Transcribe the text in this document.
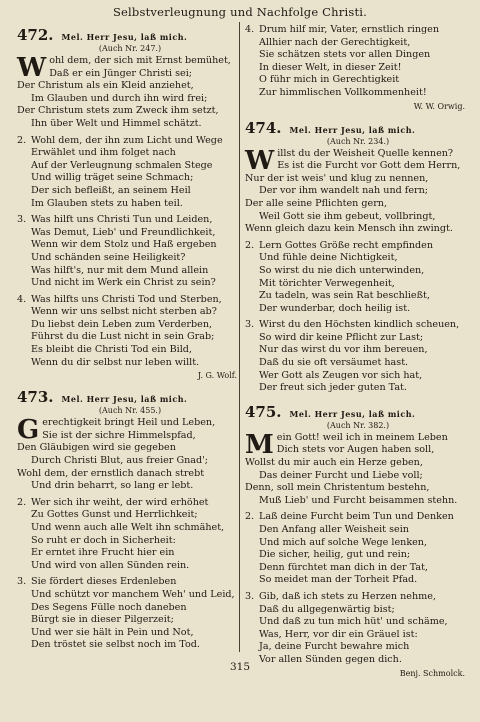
Selbstverleugnung und Nachfolge Christi.
472. Mel. Herr Jesu, laß mich.
(Auch Nr. 247.)
Wohl dem, der sich mit Ernst bemühet,
Daß er ein Jünger Christi sei;
Der Christum als ein Kleid anziehet,
Im Glauben und durch ihn wird frei;
Der Christum stets zum Zweck ihm setzt,
Ihn über Welt und Himmel schätzt.
2. Wohl dem, der ihn zum Licht und Wege
Erwählet und ihm folget nach
Auf der Verleugnung schmalen Stege
Und willig träget seine Schmach;
Der sich befleißt, an seinem Heil
Im Glauben stets zu haben teil.
3. Was hilft uns Christi Tun und Leiden,
Was Demut, Lieb' und Freundlichkeit,
Wenn wir dem Stolz und Haß ergeben
Und schänden seine Heiligkeit?
Was hilft's, nur mit dem Mund allein
Und nicht im Werk ein Christ zu sein?
4. Was hilfts uns Christi Tod und Sterben,
Wenn wir uns selbst nicht sterben ab?
Du liebst dein Leben zum Verderben,
Führst du die Lust nicht in sein Grab;
Es bleibt die Christi Tod ein Bild,
Wenn du dir selbst nur leben willt.
J. G. Wolf.
473. Mel. Herr Jesu, laß mich.
(Auch Nr. 455.)
Gerechtigkeit bringt Heil und Leben,
Sie ist der sichre Himmelspfad,
Den Gläubigen wird sie gegeben
Durch Christi Blut, aus freier Gnad';
Wohl dem, der ernstlich danach strebt
Und drin beharrt, so lang er lebt.
2. Wer sich ihr weiht, der wird erhöhet
Zu Gottes Gunst und Herrlichkeit;
Und wenn auch alle Welt ihn schmähet,
So ruht er doch in Sicherheit:
Er erntet ihre Frucht hier ein
Und wird von allen Sünden rein.
3. Sie fördert dieses Erdenleben
Und schützt vor manchem Weh' und Leid,
Des Segens Fülle noch daneben
Bürgt sie in dieser Pilgerzeit;
Und wer sie hält in Pein und Not,
Den tröstet sie selbst noch im Tod.
4. Drum hilf mir, Vater, ernstlich ringen
Allhier nach der Gerechtigkeit,
Sie schätzen stets vor allen Dingen
In dieser Welt, in dieser Zeit!
O führ mich in Gerechtigkeit
Zur himmlischen Vollkommenheit!
W. W. Orwig.
474. Mel. Herr Jesu, laß mich.
(Auch Nr. 234.)
Willst du der Weisheit Quelle kennen?
Es ist die Furcht vor Gott dem Herrn,
Nur der ist weis' und klug zu nennen,
Der vor ihm wandelt nah und fern;
Der alle seine Pflichten gern,
Weil Gott sie ihm gebeut, vollbringt,
Wenn gleich dazu kein Mensch ihn zwingt.
2. Lern Gottes Größe recht empfinden
Und fühle deine Nichtigkeit,
So wirst du nie dich unterwinden,
Mit törichter Verwegenheit,
Zu tadeln, was sein Rat beschließt,
Der wunderbar, doch heilig ist.
3. Wirst du den Höchsten kindlich scheuen,
So wird dir keine Pflicht zur Last;
Nur das wirst du vor ihm bereuen,
Daß du sie oft versäumet hast.
Wer Gott als Zeugen vor sich hat,
Der freut sich jeder guten Tat.
475. Mel. Herr Jesu, laß mich.
(Auch Nr. 382.)
Mein Gott! weil ich in meinem Leben
Dich stets vor Augen haben soll,
Wollst du mir auch ein Herze geben,
Das deiner Furcht und Liebe voll;
Denn, soll mein Christentum bestehn,
Muß Lieb' und Furcht beisammen stehn.
2. Laß deine Furcht beim Tun und Denken
Den Anfang aller Weisheit sein
Und mich auf solche Wege lenken,
Die sicher, heilig, gut und rein;
Denn fürchtet man dich in der Tat,
So meidet man der Torheit Pfad.
3. Gib, daß ich stets zu Herzen nehme,
Daß du allgegenwärtig bist;
Und daß zu tun mich hüt' und schäme,
Was, Herr, vor dir ein Gräuel ist:
Ja, deine Furcht bewahre mich
Vor allen Sünden gegen dich.
Benj. Schmolck.
315
